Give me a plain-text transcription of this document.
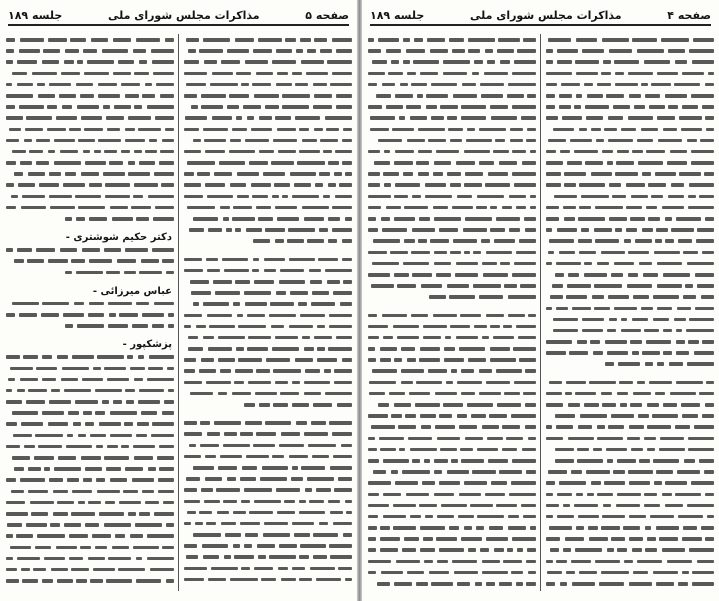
صفحه ۵
مذاکرات مجلس شورای ملی
جلسه ۱۸۹
دکتر حکیم شوشتری -
عباس میرزائی -
پزشکپور -
صفحه ۴
مذاکرات مجلس شورای ملی
جلسه ۱۸۹
